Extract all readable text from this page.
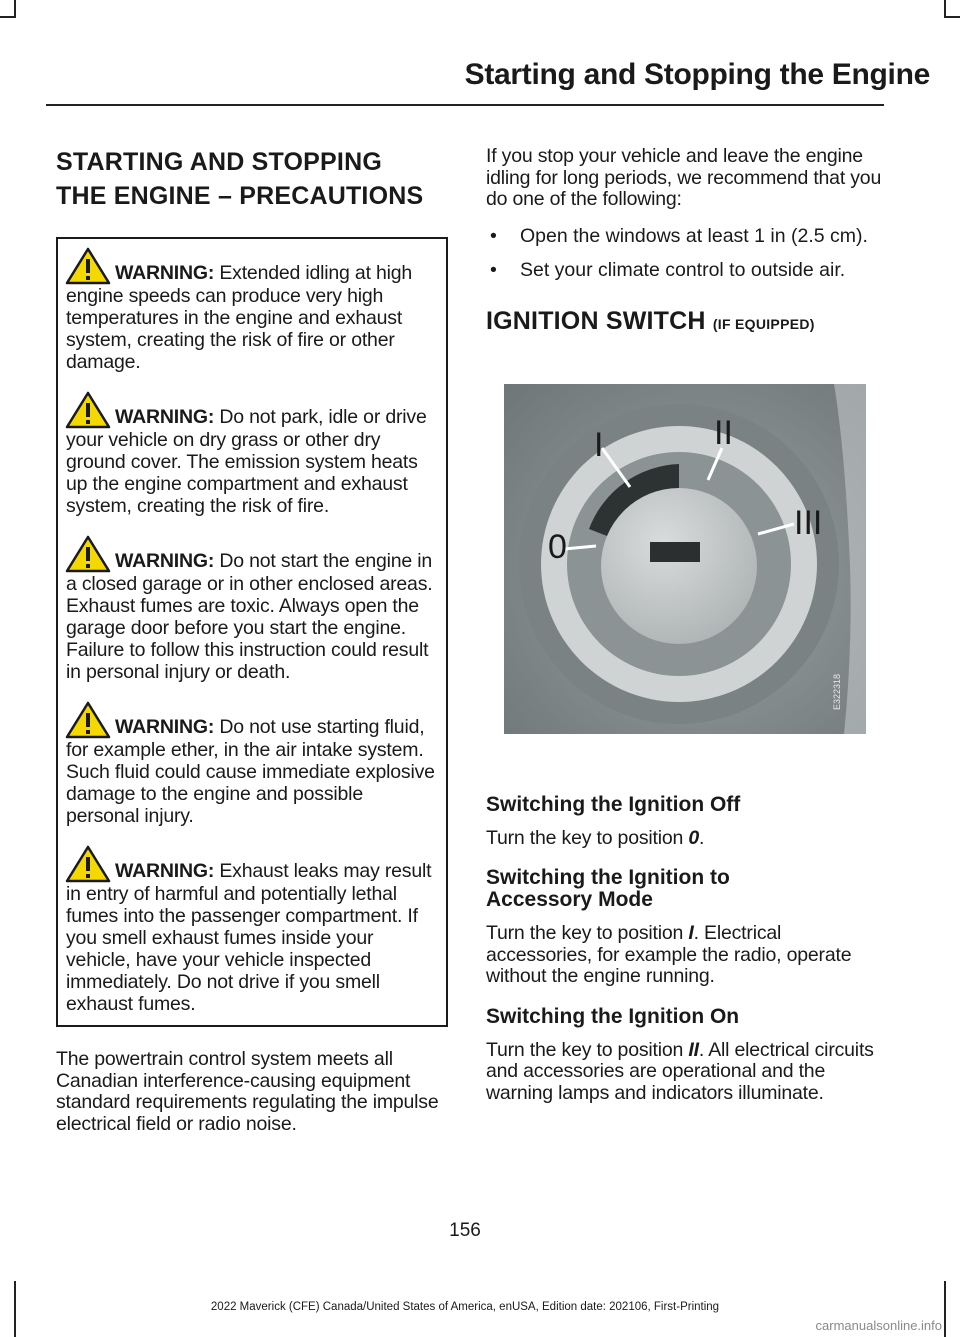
Starting and Stopping the Engine
STARTING AND STOPPING
THE ENGINE – PRECAUTIONS

WARNING: Extended idling at high engine speeds can produce very high temperatures in the engine and exhaust system, creating the risk of fire or other damage.

WARNING: Do not park, idle or drive your vehicle on dry grass or other dry ground cover. The emission system heats up the engine compartment and exhaust system, creating the risk of fire.

WARNING: Do not start the engine in a closed garage or in other enclosed areas. Exhaust fumes are toxic. Always open the garage door before you start the engine. Failure to follow this instruction could result in personal injury or death.

WARNING: Do not use starting fluid, for example ether, in the air intake system. Such fluid could cause immediate explosive damage to the engine and possible personal injury.

WARNING: Exhaust leaks may result in entry of harmful and potentially lethal fumes into the passenger compartment. If you smell exhaust fumes inside your vehicle, have your vehicle inspected immediately. Do not drive if you smell exhaust fumes.

The powertrain control system meets all Canadian interference-causing equipment standard requirements regulating the impulse electrical field or radio noise.

If you stop your vehicle and leave the engine idling for long periods, we recommend that you do one of the following:

• Open the windows at least 1 in (2.5 cm).
• Set your climate control to outside air.
IGNITION SWITCH (IF EQUIPPED)
0
I	II
III
E322318
Switching the Ignition Off

Turn the key to position 0.

Switching the Ignition to
Accessory Mode

Turn the key to position I. Electrical accessories, for example the radio, operate without the engine running.

Switching the Ignition On

Turn the key to position II. All electrical circuits and accessories are operational and the warning lamps and indicators illuminate.

156
2022 Maverick (CFE) Canada/United States of America, enUSA, Edition date: 202106, First-Printing
carmanualsonline.info
